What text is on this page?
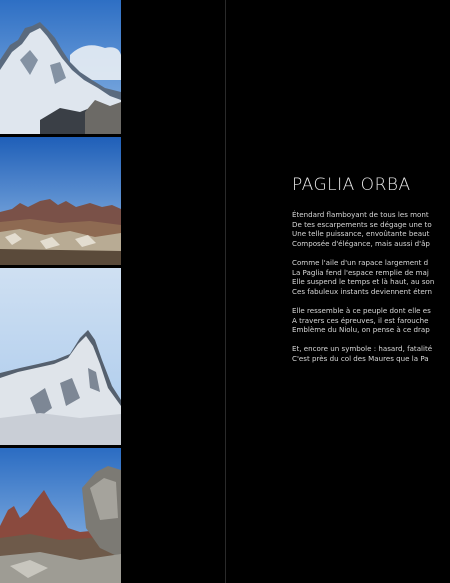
PAGLIA ORBA

Étendard flamboyant de tous les mont
De tes escarpements se dégage une to
Une telle puissance, envoûtante beaut
Composée d'élégance, mais aussi d'âp

Comme l'aile d'un rapace largement d
La Paglia fend l'espace remplie de maj
Elle suspend le temps et là haut, au son
Ces fabuleux instants deviennent étern

Elle ressemble à ce peuple dont elle es
A travers ces épreuves, il est farouche
Emblème du Niolu, on pense à ce drap

Et, encore un symbole : hasard, fatalité
C'est près du col des Maures que la Pa
